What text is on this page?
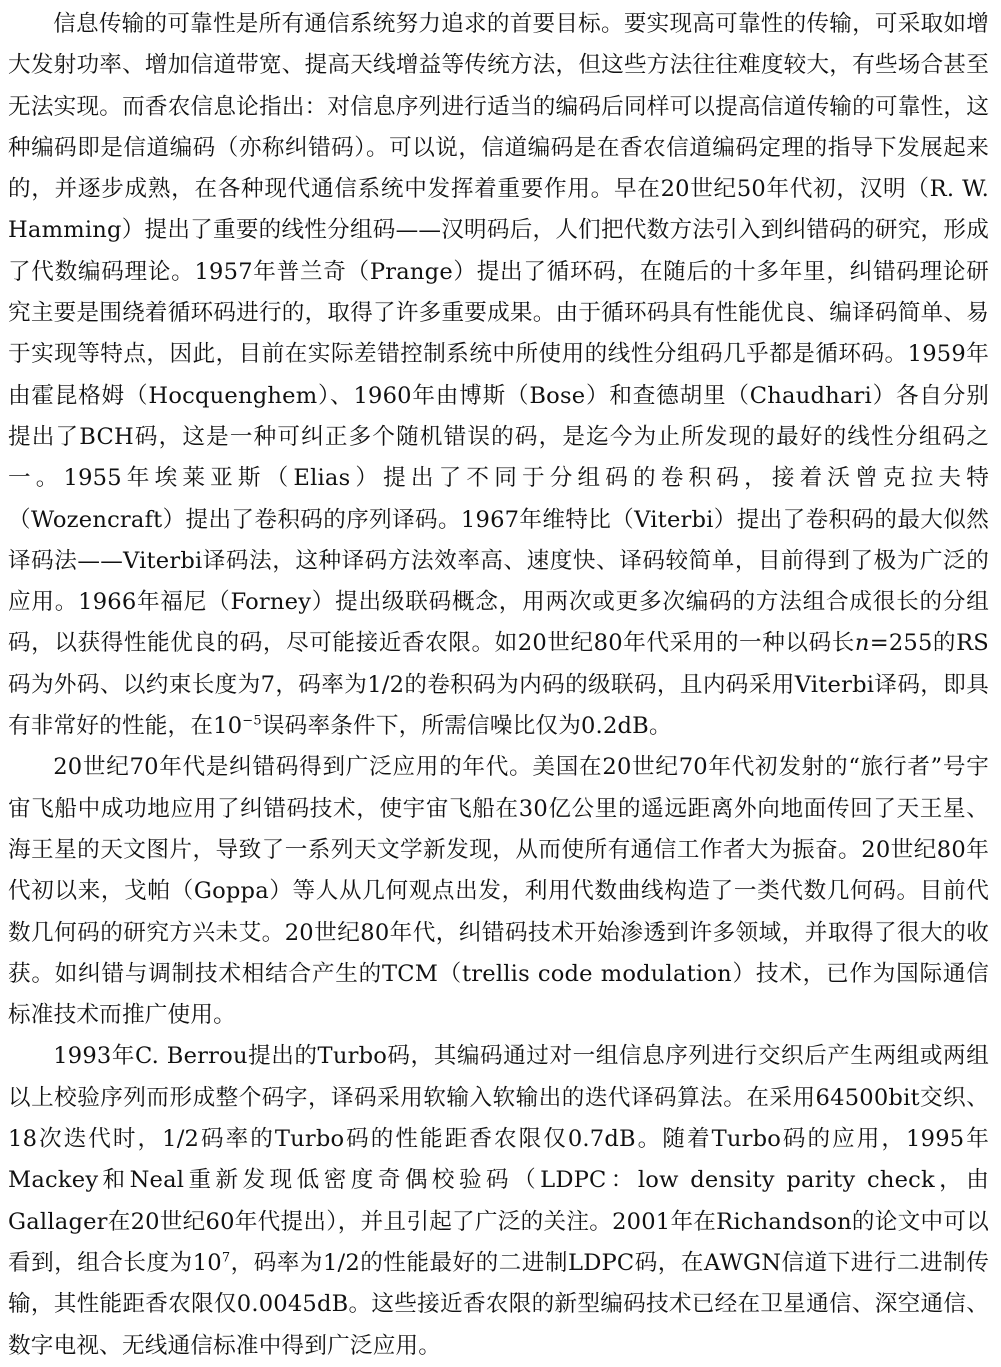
信息传输的可靠性是所有通信系统努力追求的首要目标。要实现高可靠性的传输，可采取如增大发射功率、增加信道带宽、提高天线增益等传统方法，但这些方法往往难度较大，有些场合甚至无法实现。而香农信息论指出：对信息序列进行适当的编码后同样可以提高信道传输的可靠性，这种编码即是信道编码（亦称纠错码）。可以说，信道编码是在香农信道编码定理的指导下发展起来的，并逐步成熟，在各种现代通信系统中发挥着重要作用。早在20世纪50年代初，汉明（R. W. Hamming）提出了重要的线性分组码——汉明码后，人们把代数方法引入到纠错码的研究，形成了代数编码理论。1957年普兰奇（Prange）提出了循环码，在随后的十多年里，纠错码理论研究主要是围绕着循环码进行的，取得了许多重要成果。由于循环码具有性能优良、编译码简单、易于实现等特点，因此，目前在实际差错控制系统中所使用的线性分组码几乎都是循环码。1959年由霍昆格姆（Hocquenghem）、1960年由博斯（Bose）和查德胡里（Chaudhari）各自分别提出了BCH码，这是一种可纠正多个随机错误的码，是迄今为止所发现的最好的线性分组码之一。1955年埃莱亚斯（Elias）提出了不同于分组码的卷积码，接着沃曾克拉夫特（Wozencraft）提出了卷积码的序列译码。1967年维特比（Viterbi）提出了卷积码的最大似然译码法——Viterbi译码法，这种译码方法效率高、速度快、译码较简单，目前得到了极为广泛的应用。1966年福尼（Forney）提出级联码概念，用两次或更多次编码的方法组合成很长的分组码，以获得性能优良的码，尽可能接近香农限。如20世纪80年代采用的一种以码长n=255的RS码为外码、以约束长度为7，码率为1/2的卷积码为内码的级联码，且内码采用Viterbi译码，即具有非常好的性能，在$10^{-5}$误码率条件下，所需信噪比仅为0.2dB。

20世纪70年代是纠错码得到广泛应用的年代。美国在20世纪70年代初发射的“旅行者”号宇宙飞船中成功地应用了纠错码技术，使宇宙飞船在30亿公里的遥远距离外向地面传回了天王星、海王星的天文图片，导致了一系列天文学新发现，从而使所有通信工作者大为振奋。20世纪80年代初以来，戈帕（Goppa）等人从几何观点出发，利用代数曲线构造了一类代数几何码。目前代数几何码的研究方兴未艾。20世纪80年代，纠错码技术开始渗透到许多领域，并取得了很大的收获。如纠错与调制技术相结合产生的TCM（trellis code modulation）技术，已作为国际通信标准技术而推广使用。

1993年C. Berrou提出的Turbo码，其编码通过对一组信息序列进行交织后产生两组或两组以上校验序列而形成整个码字，译码采用软输入软输出的迭代译码算法。在采用64500bit交织、18次迭代时，1/2码率的Turbo码的性能距香农限仅0.7dB。随着Turbo码的应用，1995年Mackey和Neal重新发现低密度奇偶校验码（LDPC：low density parity check，由Gallager在20世纪60年代提出），并且引起了广泛的关注。2001年在Richandson的论文中可以看到，组合长度为$10^7$，码率为1/2的性能最好的二进制LDPC码，在AWGN信道下进行二进制传输，其性能距香农限仅0.0045dB。这些接近香农限的新型编码技术已经在卫星通信、深空通信、数字电视、无线通信标准中得到广泛应用。
